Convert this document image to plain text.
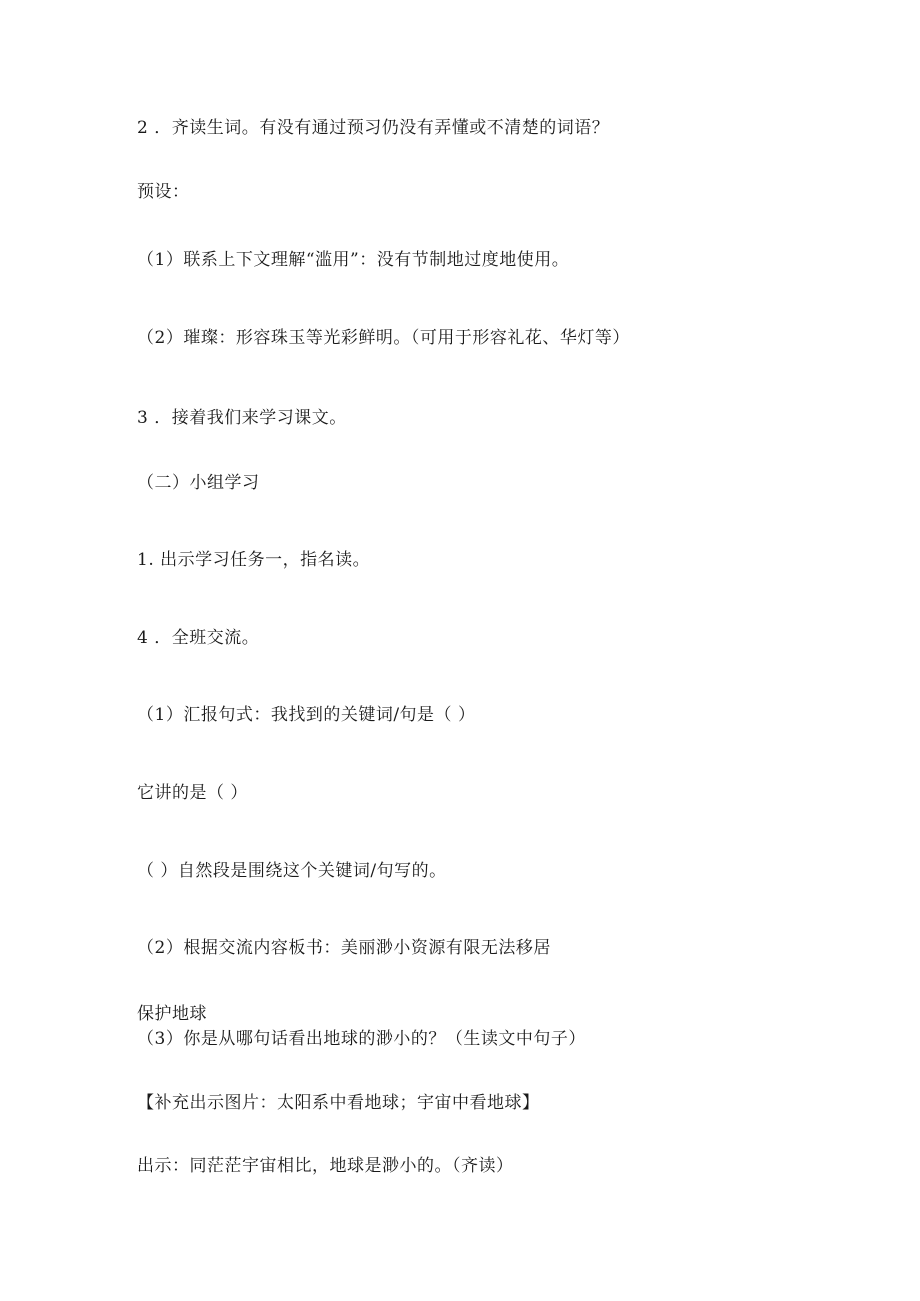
2 ．齐读生词。有没有通过预习仍没有弄懂或不清楚的词语？
预设：
（1）联系上下文理解“滥用”：没有节制地过度地使用。
（2）璀璨：形容珠玉等光彩鲜明。（可用于形容礼花、华灯等）
3 ．接着我们来学习课文。
（二）小组学习
1. 出示学习任务一，指名读。
4 ．全班交流。
（1）汇报句式：我找到的关键词/句是（ ）
它讲的是（ ）
（ ）自然段是围绕这个关键词/句写的。
（2）根据交流内容板书：美丽渺小资源有限无法移居
保护地球
（3）你是从哪句话看出地球的渺小的？（生读文中句子）
【补充出示图片：太阳系中看地球；宇宙中看地球】
出示：同茫茫宇宙相比，地球是渺小的。（齐读）
